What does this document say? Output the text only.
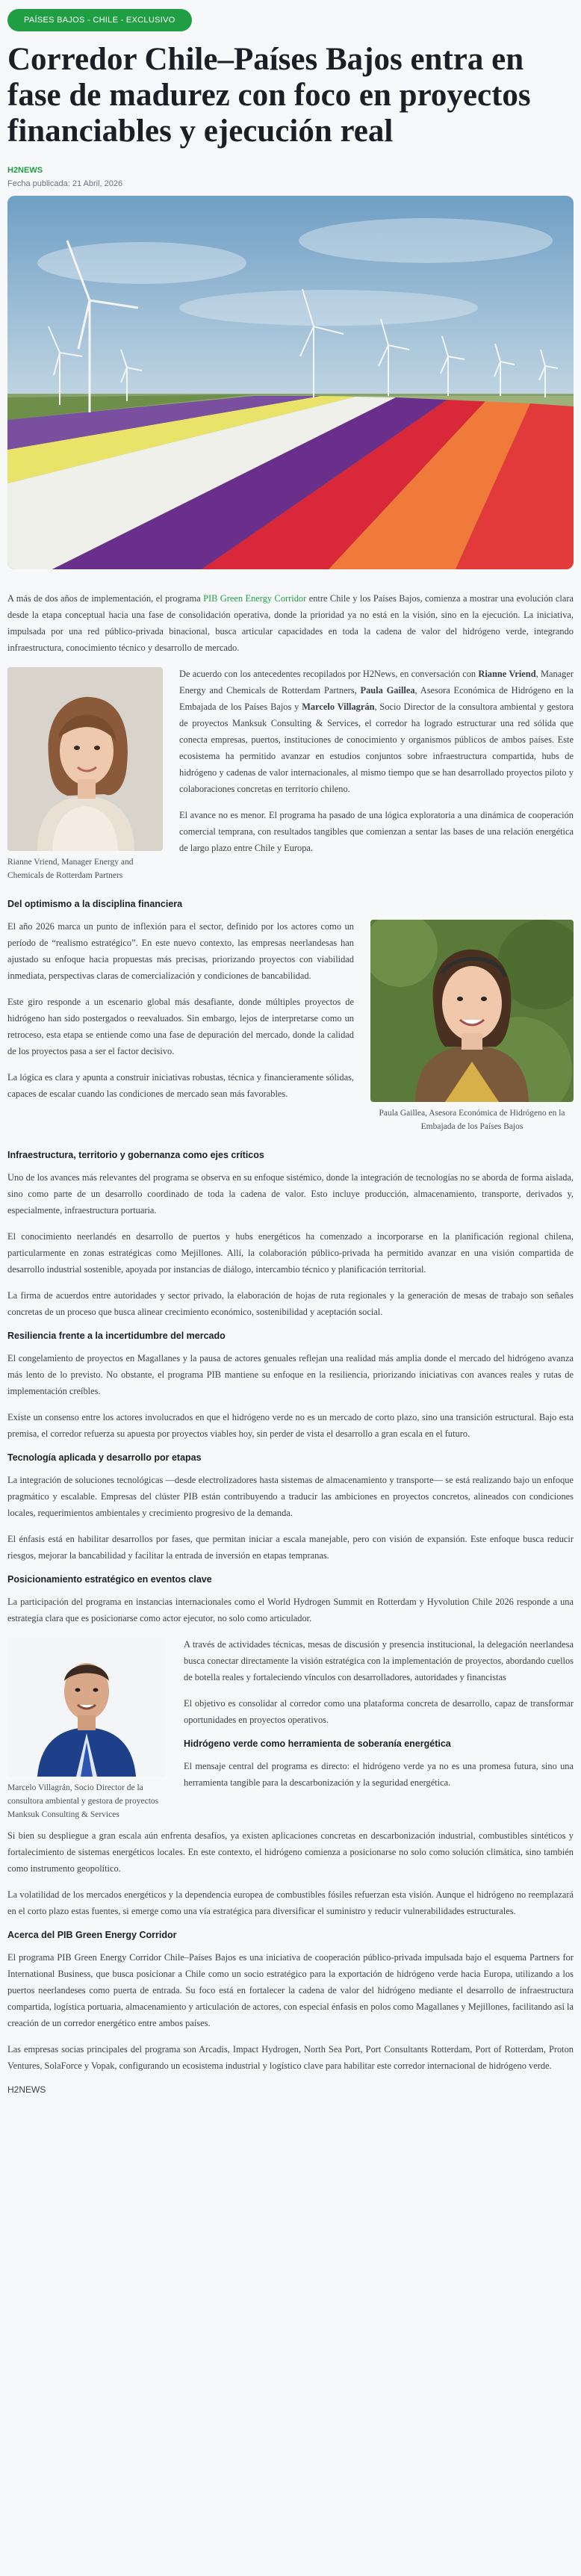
PAÍSES BAJOS - CHILE - EXCLUSIVO
Corredor Chile–Países Bajos entra en fase de madurez con foco en proyectos financiables y ejecución real
H2NEWS
Fecha publicada: 21 Abril, 2026

A más de dos años de implementación, el programa PIB Green Energy Corridor entre Chile y los Países Bajos, comienza a mostrar una evolución clara desde la etapa conceptual hacia una fase de consolidación operativa, donde la prioridad ya no está en la visión, sino en la ejecución. La iniciativa, impulsada por una red público-privada binacional, busca articular capacidades en toda la cadena de valor del hidrógeno verde, integrando infraestructura, conocimiento técnico y desarrollo de mercado.

Rianne Vriend, Manager Energy and Chemicals de Rotterdam Partners

De acuerdo con los antecedentes recopilados por H2News, en conversación con Rianne Vriend, Manager Energy and Chemicals de Rotterdam Partners, Paula Gaillea, Asesora Económica de Hidrógeno en la Embajada de los Países Bajos y Marcelo Villagrán, Socio Director de la consultora ambiental y gestora de proyectos Manksuk Consulting & Services, el corredor ha logrado estructurar una red sólida que conecta empresas, puertos, instituciones de conocimiento y organismos públicos de ambos países. Este ecosistema ha permitido avanzar en estudios conjuntos sobre infraestructura compartida, hubs de hidrógeno y cadenas de valor internacionales, al mismo tiempo que se han desarrollado proyectos piloto y colaboraciones concretas en territorio chileno.

El avance no es menor. El programa ha pasado de una lógica exploratoria a una dinámica de cooperación comercial temprana, con resultados tangibles que comienzan a sentar las bases de una relación energética de largo plazo entre Chile y Europa.

Del optimismo a la disciplina financiera
Paula Gaillea, Asesora Económica de Hidrógeno en la Embajada de los Países Bajos

El año 2026 marca un punto de inflexión para el sector, definido por los actores como un período de “realismo estratégico”. En este nuevo contexto, las empresas neerlandesas han ajustado su enfoque hacia propuestas más precisas, priorizando proyectos con viabilidad inmediata, perspectivas claras de comercialización y condiciones de bancabilidad.

Este giro responde a un escenario global más desafiante, donde múltiples proyectos de hidrógeno han sido postergados o reevaluados. Sin embargo, lejos de interpretarse como un retroceso, esta etapa se entiende como una fase de depuración del mercado, donde la calidad de los proyectos pasa a ser el factor decisivo.

La lógica es clara y apunta a construir iniciativas robustas, técnica y financieramente sólidas, capaces de escalar cuando las condiciones de mercado sean más favorables.

Infraestructura, territorio y gobernanza como ejes críticos

Uno de los avances más relevantes del programa se observa en su enfoque sistémico, donde la integración de tecnologías no se aborda de forma aislada, sino como parte de un desarrollo coordinado de toda la cadena de valor. Esto incluye producción, almacenamiento, transporte, derivados y, especialmente, infraestructura portuaria.

El conocimiento neerlandés en desarrollo de puertos y hubs energéticos ha comenzado a incorporarse en la planificación regional chilena, particularmente en zonas estratégicas como Mejillones. Allí, la colaboración público-privada ha permitido avanzar en una visión compartida de desarrollo industrial sostenible, apoyada por instancias de diálogo, intercambio técnico y planificación territorial.

La firma de acuerdos entre autoridades y sector privado, la elaboración de hojas de ruta regionales y la generación de mesas de trabajo son señales concretas de un proceso que busca alinear crecimiento económico, sostenibilidad y aceptación social.

Resiliencia frente a la incertidumbre del mercado

El congelamiento de proyectos en Magallanes y la pausa de actores genuales reflejan una realidad más amplia donde el mercado del hidrógeno avanza más lento de lo previsto. No obstante, el programa PIB mantiene su enfoque en la resiliencia, priorizando iniciativas con avances reales y rutas de implementación creíbles.

Existe un consenso entre los actores involucrados en que el hidrógeno verde no es un mercado de corto plazo, sino una transición estructural. Bajo esta premisa, el corredor refuerza su apuesta por proyectos viables hoy, sin perder de vista el desarrollo a gran escala en el futuro.

Tecnología aplicada y desarrollo por etapas

La integración de soluciones tecnológicas —desde electrolizadores hasta sistemas de almacenamiento y transporte— se está realizando bajo un enfoque pragmático y escalable. Empresas del clúster PIB están contribuyendo a traducir las ambiciones en proyectos concretos, alineados con condiciones locales, requerimientos ambientales y crecimiento progresivo de la demanda.

El énfasis está en habilitar desarrollos por fases, que permitan iniciar a escala manejable, pero con visión de expansión. Este enfoque busca reducir riesgos, mejorar la bancabilidad y facilitar la entrada de inversión en etapas tempranas.

Posicionamiento estratégico en eventos clave

La participación del programa en instancias internacionales como el World Hydrogen Summit en Rotterdam y Hyvolution Chile 2026 responde a una estrategia clara que es posicionarse como actor ejecutor, no solo como articulador.

Marcelo Villagrán, Socio Director de la consultora ambiental y gestora de proyectos Manksuk Consulting & Services

A través de actividades técnicas, mesas de discusión y presencia institucional, la delegación neerlandesa busca conectar directamente la visión estratégica con la implementación de proyectos, abordando cuellos de botella reales y fortaleciendo vínculos con desarrolladores, autoridades y financistas

El objetivo es consolidar al corredor como una plataforma concreta de desarrollo, capaz de transformar oportunidades en proyectos operativos.

Hidrógeno verde como herramienta de soberanía energética

El mensaje central del programa es directo: el hidrógeno verde ya no es una promesa futura, sino una herramienta tangible para la descarbonización y la seguridad energética.

Si bien su despliegue a gran escala aún enfrenta desafíos, ya existen aplicaciones concretas en descarbonización industrial, combustibles sintéticos y fortalecimiento de sistemas energéticos locales. En este contexto, el hidrógeno comienza a posicionarse no solo como solución climática, sino también como instrumento geopolítico.

La volatilidad de los mercados energéticos y la dependencia europea de combustibles fósiles refuerzan esta visión. Aunque el hidrógeno no reemplazará en el corto plazo estas fuentes, si emerge como una vía estratégica para diversificar el suministro y reducir vulnerabilidades estructurales.

Acerca del PIB Green Energy Corridor

El programa PIB Green Energy Corridor Chile–Países Bajos es una iniciativa de cooperación público-privada impulsada bajo el esquema Partners for International Business, que busca posicionar a Chile como un socio estratégico para la exportación de hidrógeno verde hacia Europa, utilizando a los puertos neerlandeses como puerta de entrada. Su foco está en fortalecer la cadena de valor del hidrógeno mediante el desarrollo de infraestructura compartida, logística portuaria, almacenamiento y articulación de actores, con especial énfasis en polos como Magallanes y Mejillones, facilitando así la creación de un corredor energético entre ambos países.

Las empresas socias principales del programa son Arcadis, Impact Hydrogen, North Sea Port, Port Consultants Rotterdam, Port of Rotterdam, Proton Ventures, SolaForce y Vopak, configurando un ecosistema industrial y logístico clave para habilitar este corredor internacional de hidrógeno verde.

H2NEWS
